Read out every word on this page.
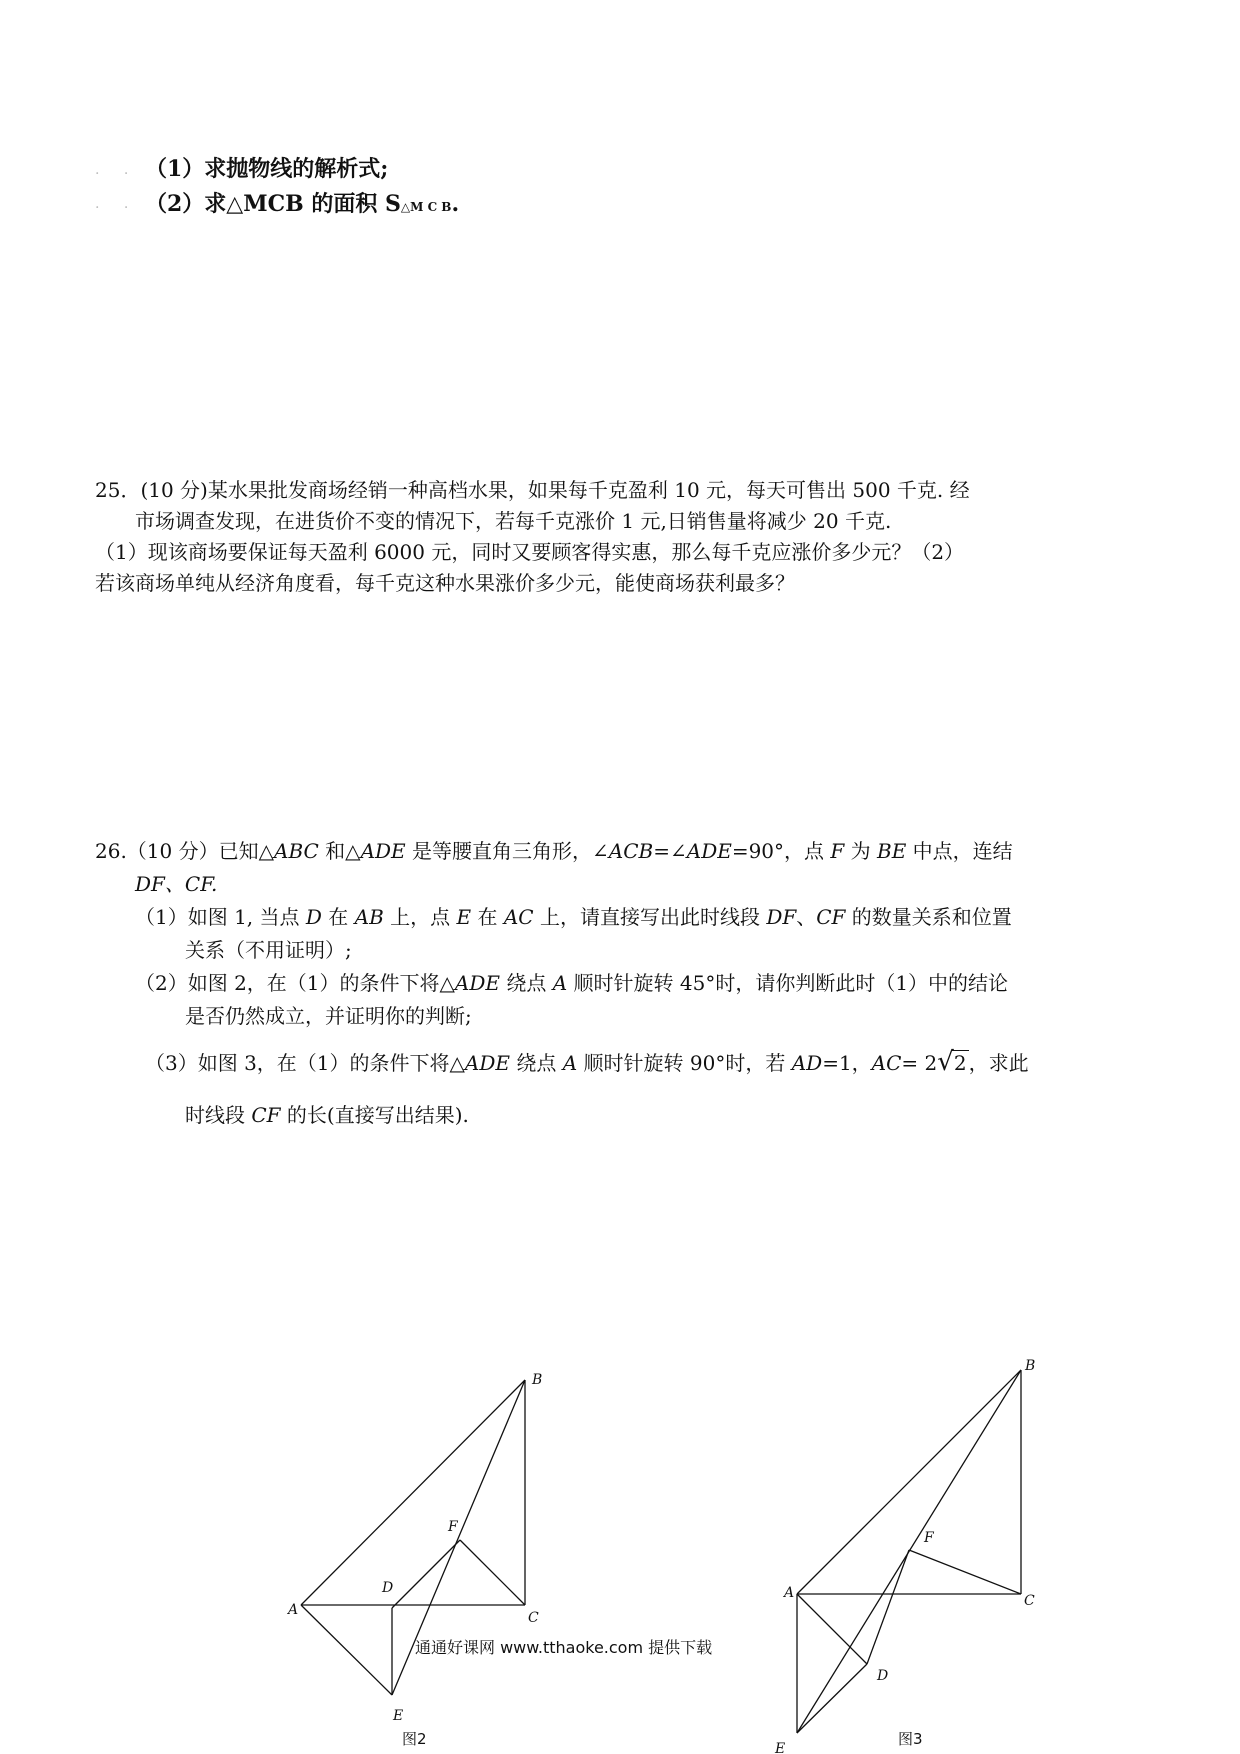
. .
. .
（1）求抛物线的解析式;
（2）求△MCB 的面积 S△M C B.
25．(10 分)某水果批发商场经销一种高档水果，如果每千克盈利 10 元，每天可售出 500 千克. 经

市场调查发现，在进货价不变的情况下，若每千克涨价 1 元,日销售量将减少 20 千克.
（1）现该商场要保证每天盈利 6000 元，同时又要顾客得实惠，那么每千克应涨价多少元？（2）
若该商场单纯从经济角度看，每千克这种水果涨价多少元，能使商场获利最多？
26.（10 分）已知△ABC 和△ADE 是等腰直角三角形，∠ACB=∠ADE=90°，点 F 为 BE 中点，连结

DF、CF.
（1）如图 1, 当点 D 在 AB 上，点 E 在 AC 上，请直接写出此时线段 DF、CF 的数量关系和位置
关系（不用证明）;
（2）如图 2，在（1）的条件下将△ADE 绕点 A 顺时针旋转 45°时，请你判断此时（1）中的结论
是否仍然成立，并证明你的判断;
（3）如图 3，在（1）的条件下将△ADE 绕点 A 顺时针旋转 90°时，若 AD=1，AC= 2√2 ，求此
时线段 CF 的长(直接写出结果).
B
F
D
A	C
E
B
F
A	C
D
E
图2	图3
通通好课网 www.tthaoke.com 提供下载
